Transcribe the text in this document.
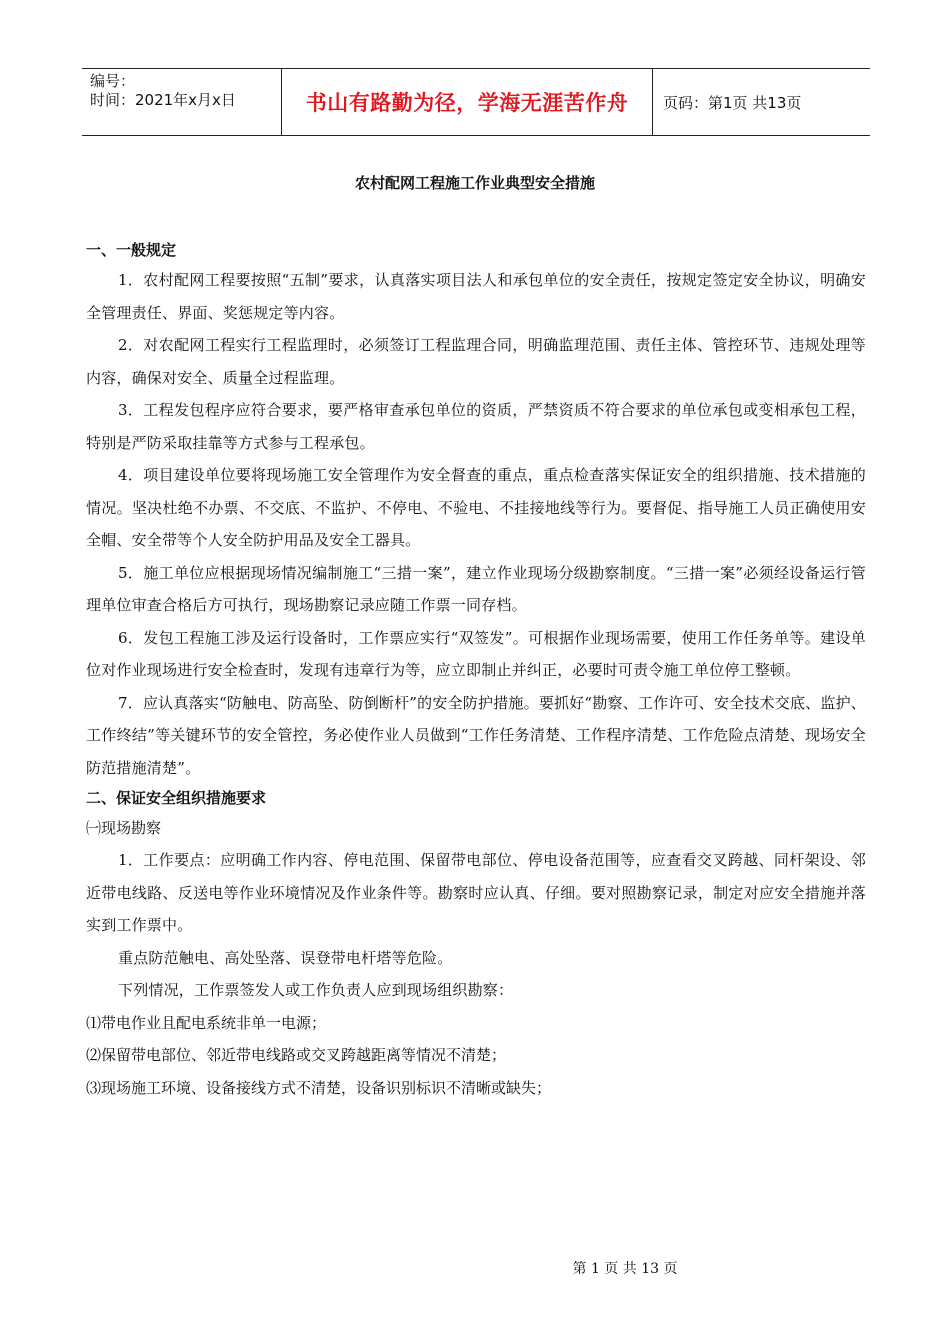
编号：
时间：2021年x月x日	书山有路勤为径，学海无涯苦作舟	页码：第1页 共13页
农村配网工程施工作业典型安全措施

一、一般规定

1．农村配网工程要按照“五制”要求，认真落实项目法人和承包单位的安全责任，按规定签定安全协议，明确安全管理责任、界面、奖惩规定等内容。

2．对农配网工程实行工程监理时，必须签订工程监理合同，明确监理范围、责任主体、管控环节、违规处理等内容，确保对安全、质量全过程监理。

3．工程发包程序应符合要求，要严格审查承包单位的资质，严禁资质不符合要求的单位承包或变相承包工程，特别是严防采取挂靠等方式参与工程承包。

4．项目建设单位要将现场施工安全管理作为安全督查的重点，重点检查落实保证安全的组织措施、技术措施的情况。坚决杜绝不办票、不交底、不监护、不停电、不验电、不挂接地线等行为。要督促、指导施工人员正确使用安全帽、安全带等个人安全防护用品及安全工器具。

5．施工单位应根据现场情况编制施工“三措一案”，建立作业现场分级勘察制度。“三措一案”必须经设备运行管理单位审查合格后方可执行，现场勘察记录应随工作票一同存档。

6．发包工程施工涉及运行设备时，工作票应实行“双签发”。可根据作业现场需要，使用工作任务单等。建设单位对作业现场进行安全检查时，发现有违章行为等，应立即制止并纠正，必要时可责令施工单位停工整顿。

7．应认真落实“防触电、防高坠、防倒断杆”的安全防护措施。要抓好“勘察、工作许可、安全技术交底、监护、工作终结”等关键环节的安全管控，务必使作业人员做到“工作任务清楚、工作程序清楚、工作危险点清楚、现场安全防范措施清楚”。

二、保证安全组织措施要求

㈠现场勘察

1．工作要点：应明确工作内容、停电范围、保留带电部位、停电设备范围等，应查看交叉跨越、同杆架设、邻近带电线路、反送电等作业环境情况及作业条件等。勘察时应认真、仔细。要对照勘察记录，制定对应安全措施并落实到工作票中。

重点防范触电、高处坠落、误登带电杆塔等危险。

下列情况，工作票签发人或工作负责人应到现场组织勘察：

⑴带电作业且配电系统非单一电源；

⑵保留带电部位、邻近带电线路或交叉跨越距离等情况不清楚；

⑶现场施工环境、设备接线方式不清楚，设备识别标识不清晰或缺失；

第 1 页 共 13 页
